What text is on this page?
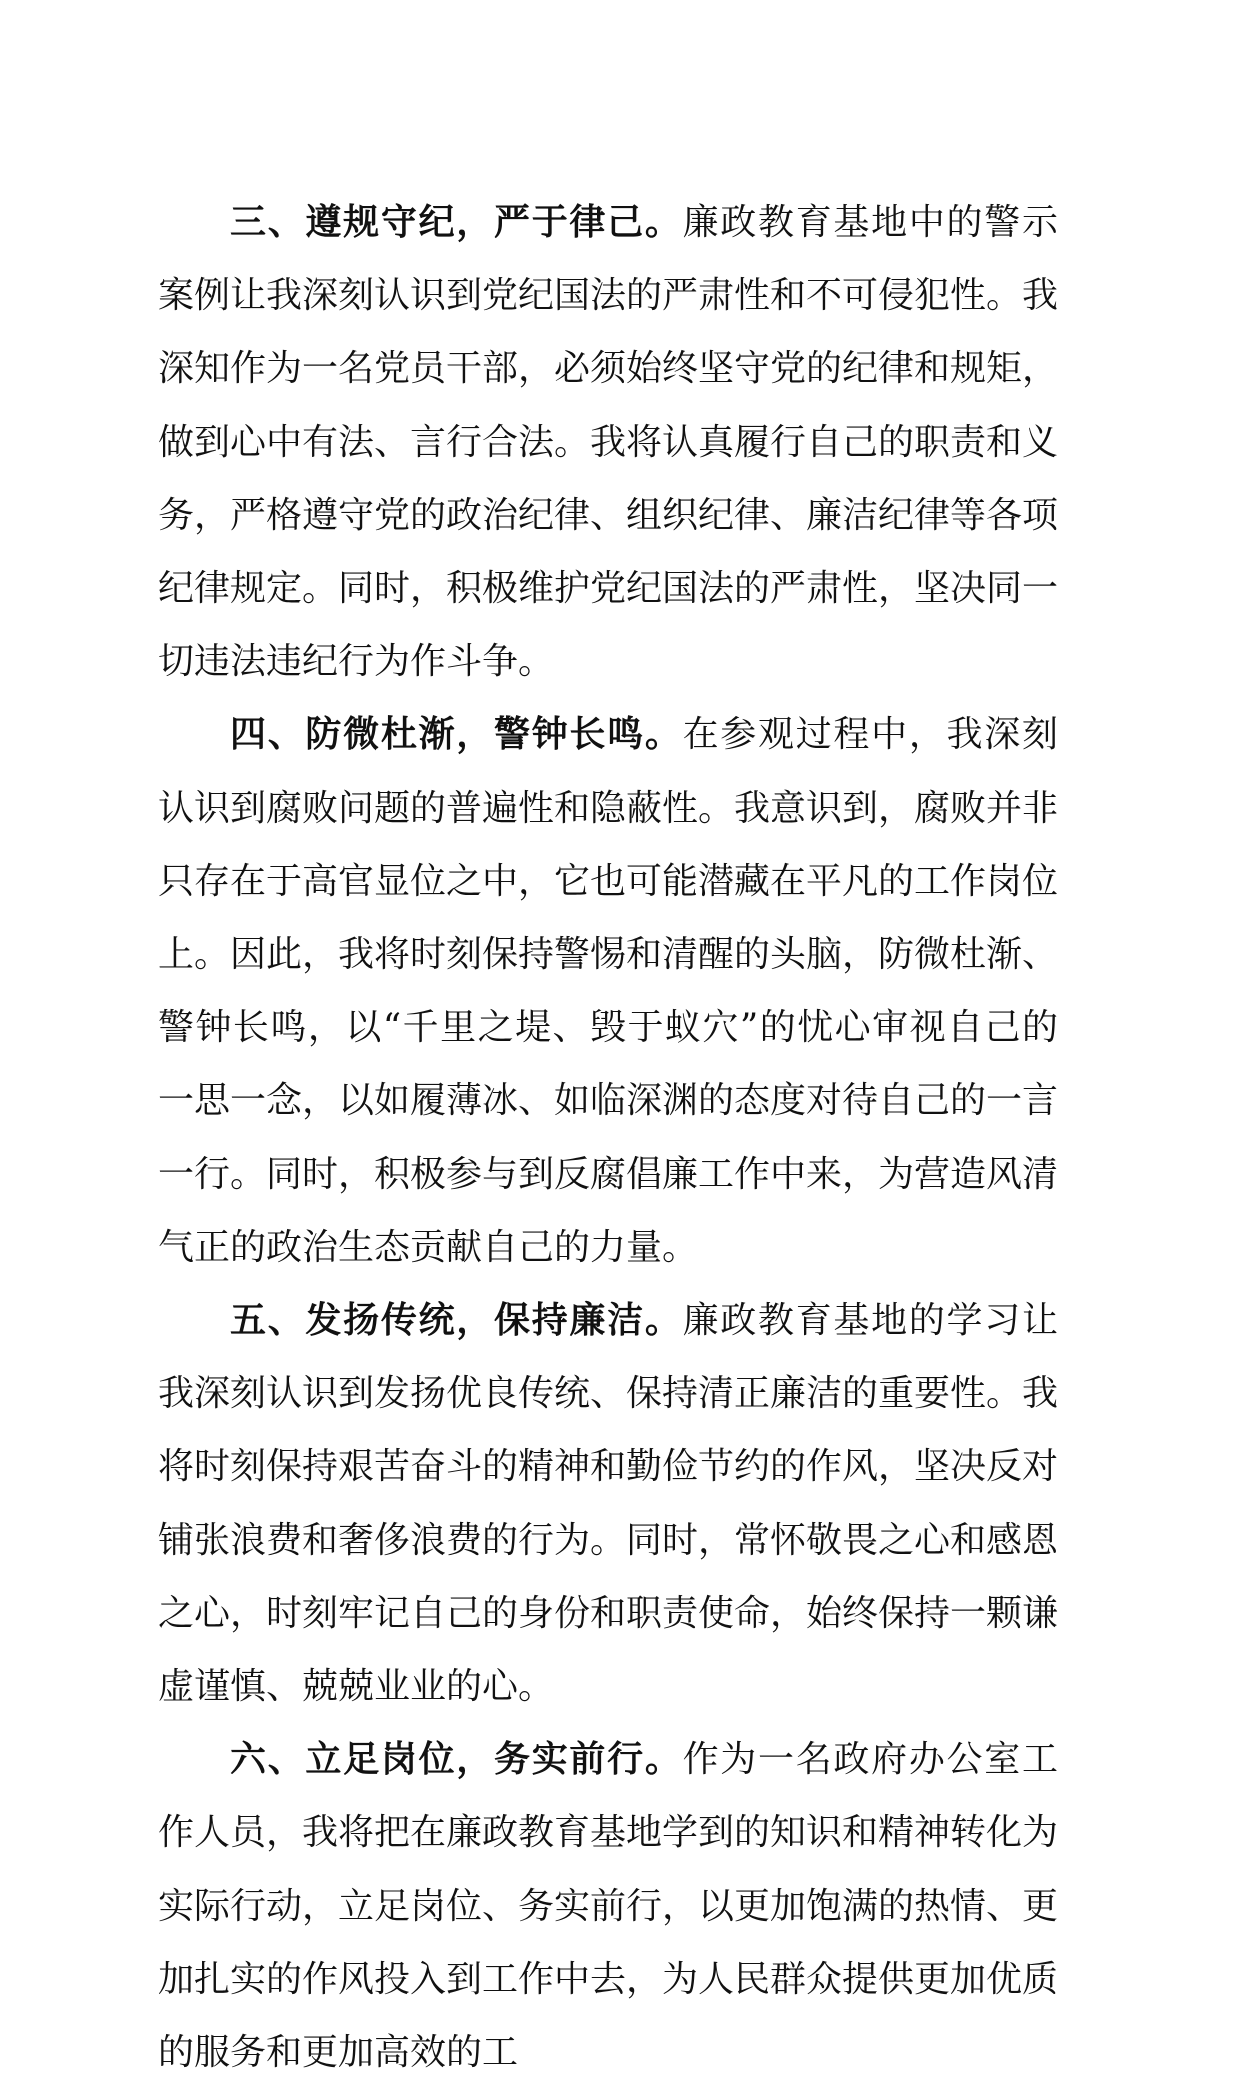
三、遵规守纪，严于律己。廉政教育基地中的警示案例让我深刻认识到党纪国法的严肃性和不可侵犯性。我深知作为一名党员干部，必须始终坚守党的纪律和规矩，做到心中有法、言行合法。我将认真履行自己的职责和义务，严格遵守党的政治纪律、组织纪律、廉洁纪律等各项纪律规定。同时，积极维护党纪国法的严肃性，坚决同一切违法违纪行为作斗争。

四、防微杜渐，警钟长鸣。在参观过程中，我深刻认识到腐败问题的普遍性和隐蔽性。我意识到，腐败并非只存在于高官显位之中，它也可能潜藏在平凡的工作岗位上。因此，我将时刻保持警惕和清醒的头脑，防微杜渐、警钟长鸣，以“千里之堤、毁于蚁穴”的忧心审视自己的一思一念，以如履薄冰、如临深渊的态度对待自己的一言一行。同时，积极参与到反腐倡廉工作中来，为营造风清气正的政治生态贡献自己的力量。

五、发扬传统，保持廉洁。廉政教育基地的学习让我深刻认识到发扬优良传统、保持清正廉洁的重要性。我将时刻保持艰苦奋斗的精神和勤俭节约的作风，坚决反对铺张浪费和奢侈浪费的行为。同时，常怀敬畏之心和感恩之心，时刻牢记自己的身份和职责使命，始终保持一颗谦虚谨慎、兢兢业业的心。

六、立足岗位，务实前行。作为一名政府办公室工作人员，我将把在廉政教育基地学到的知识和精神转化为实际行动，立足岗位、务实前行，以更加饱满的热情、更加扎实的作风投入到工作中去，为人民群众提供更加优质的服务和更加高效的工
